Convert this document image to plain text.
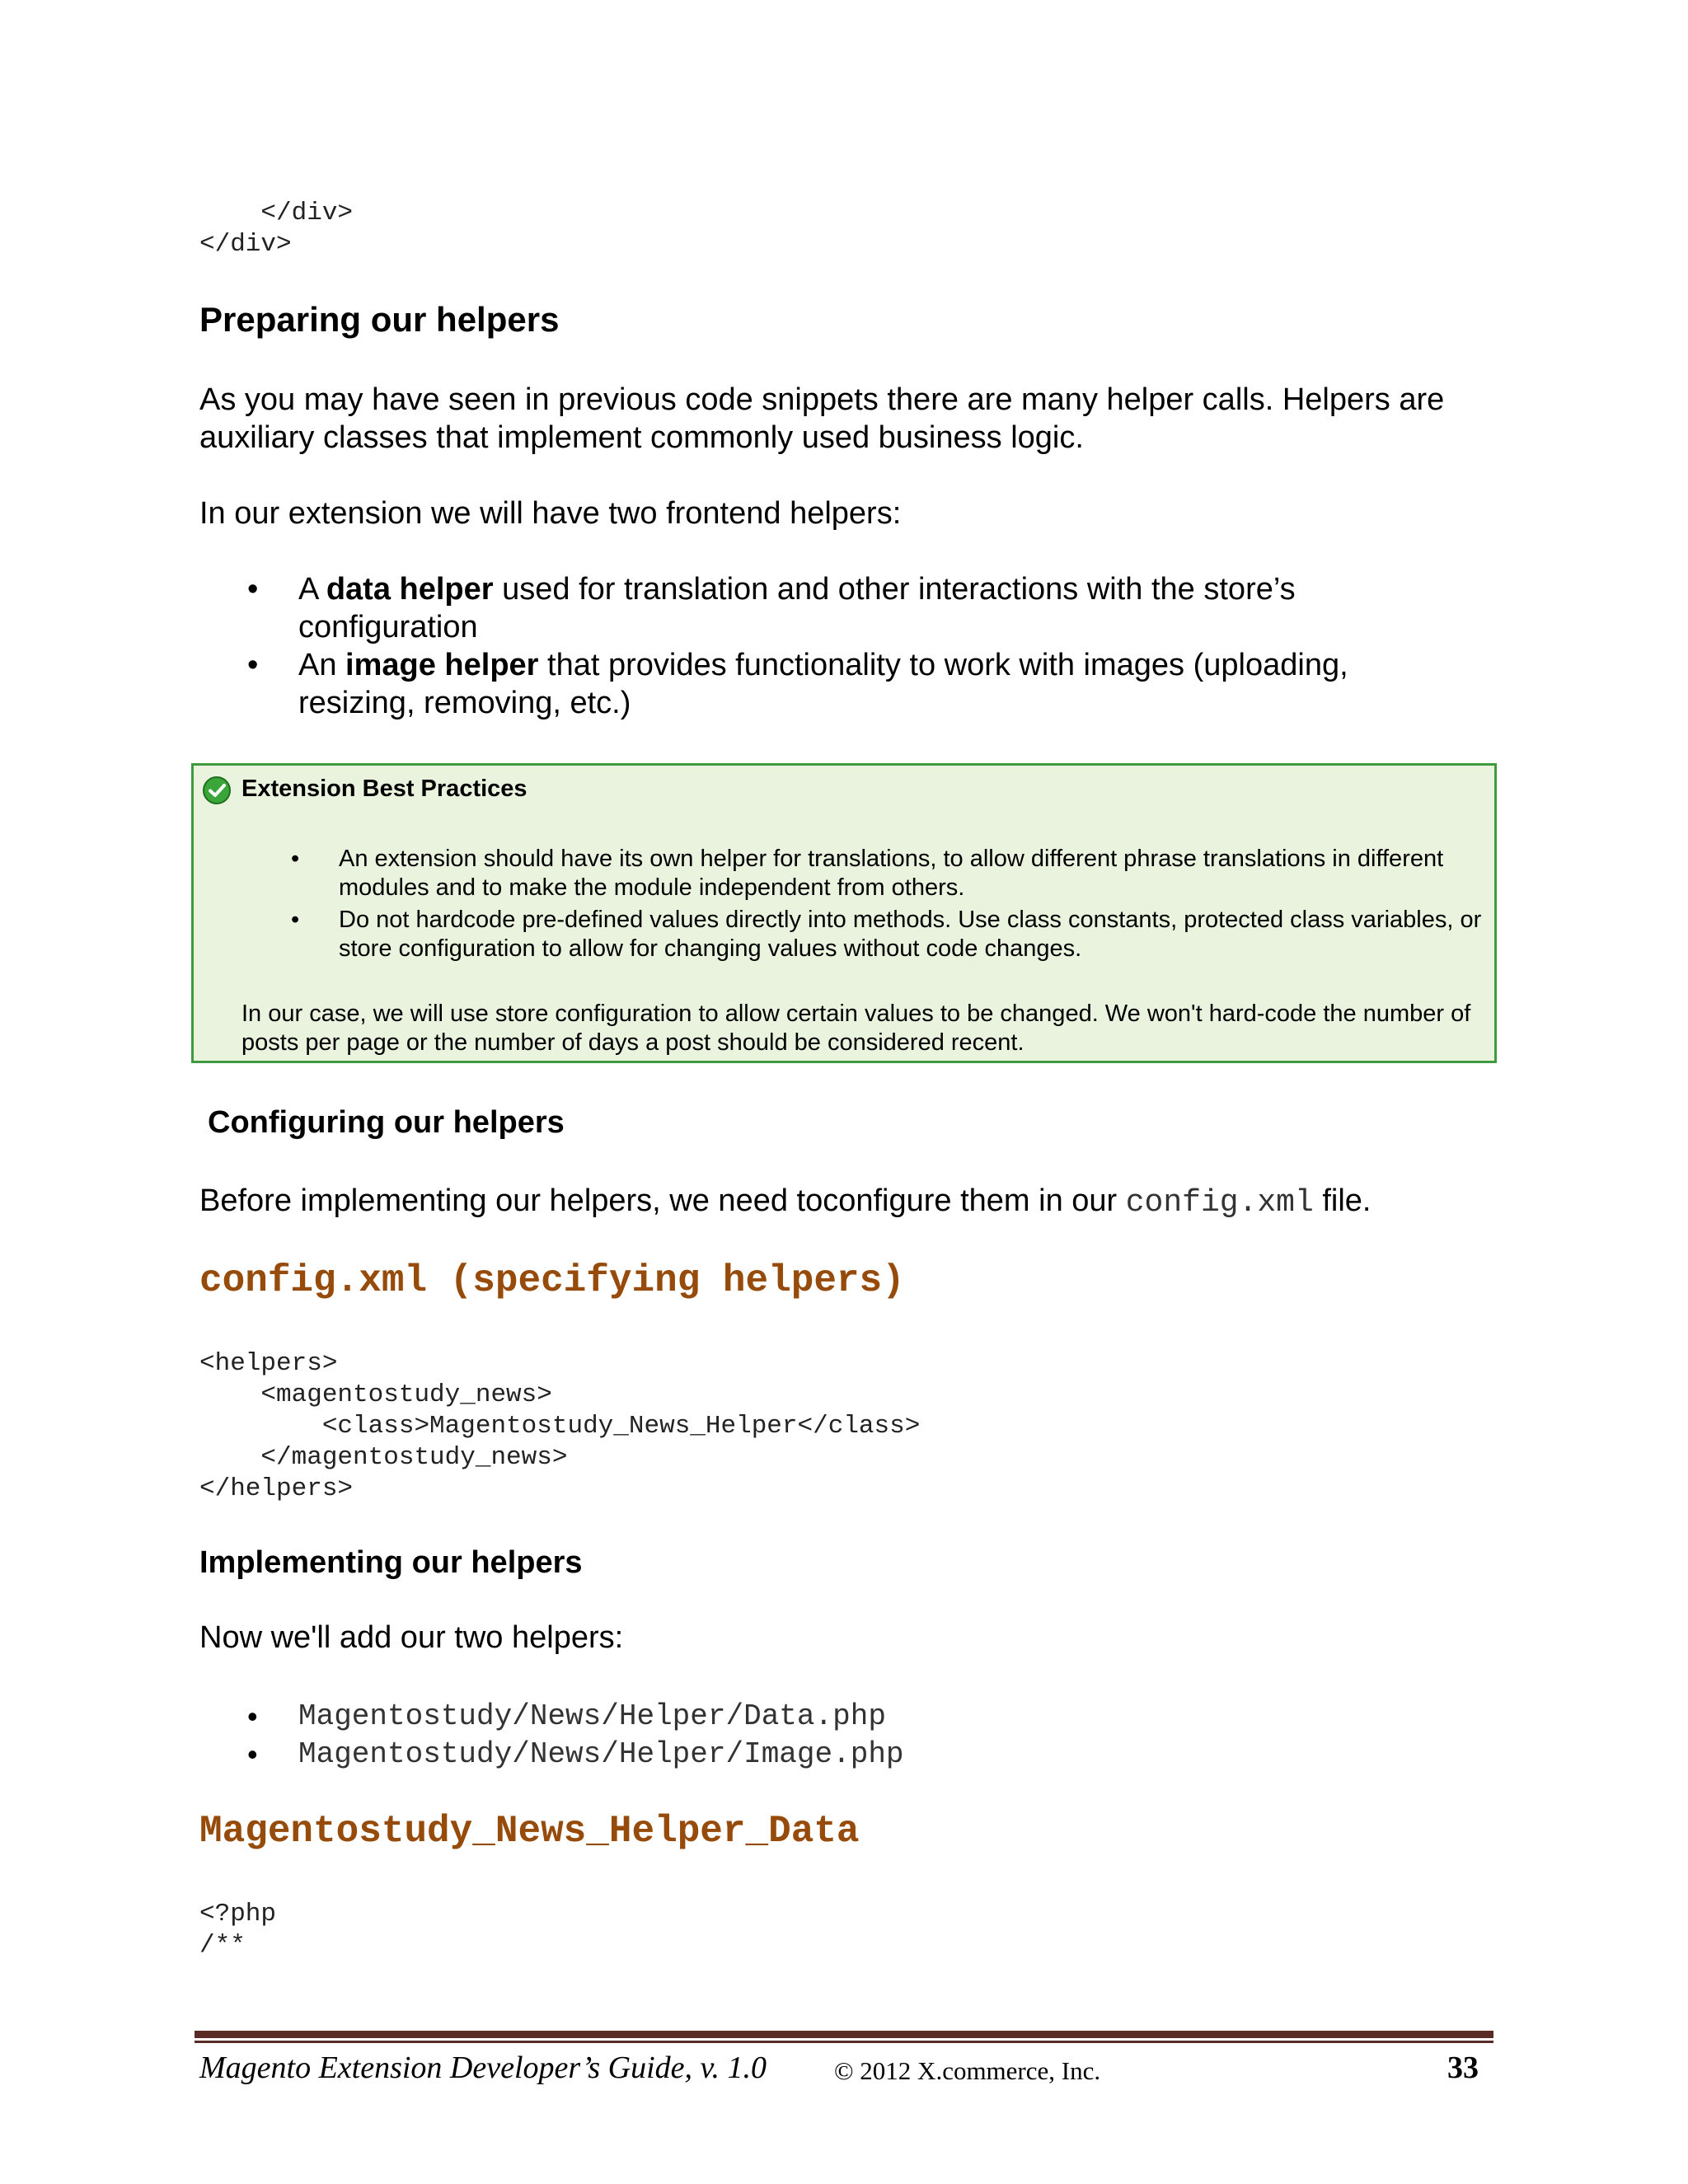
</div>
</div>
Preparing our helpers

As you may have seen in previous code snippets there are many helper calls. Helpers are auxiliary classes that implement commonly used business logic.

In our extension we will have two frontend helpers:

• A data helper used for translation and other interactions with the store’s configuration
• An image helper that provides functionality to work with images (uploading, resizing, removing, etc.)
Extension Best Practices
• An extension should have its own helper for translations, to allow different phrase translations in different modules and to make the module independent from others.
• Do not hardcode pre-defined values directly into methods. Use class constants, protected class variables, or store configuration to allow for changing values without code changes.
In our case, we will use store configuration to allow certain values to be changed. We won't hard-code the number of posts per page or the number of days a post should be considered recent.
Configuring our helpers

Before implementing our helpers, we need toconfigure them in our config.xml file.

config.xml (specifying helpers)
<helpers>
<magentostudy_news>
<class>Magentostudy_News_Helper</class>
</magentostudy_news>
</helpers>
Implementing our helpers

Now we'll add our two helpers:

• Magentostudy/News/Helper/Data.php
• Magentostudy/News/Helper/Image.php
Magentostudy_News_Helper_Data
<?php
/**
Magento Extension Developer’s Guide, v. 1.0	© 2012 X.commerce, Inc.	33
